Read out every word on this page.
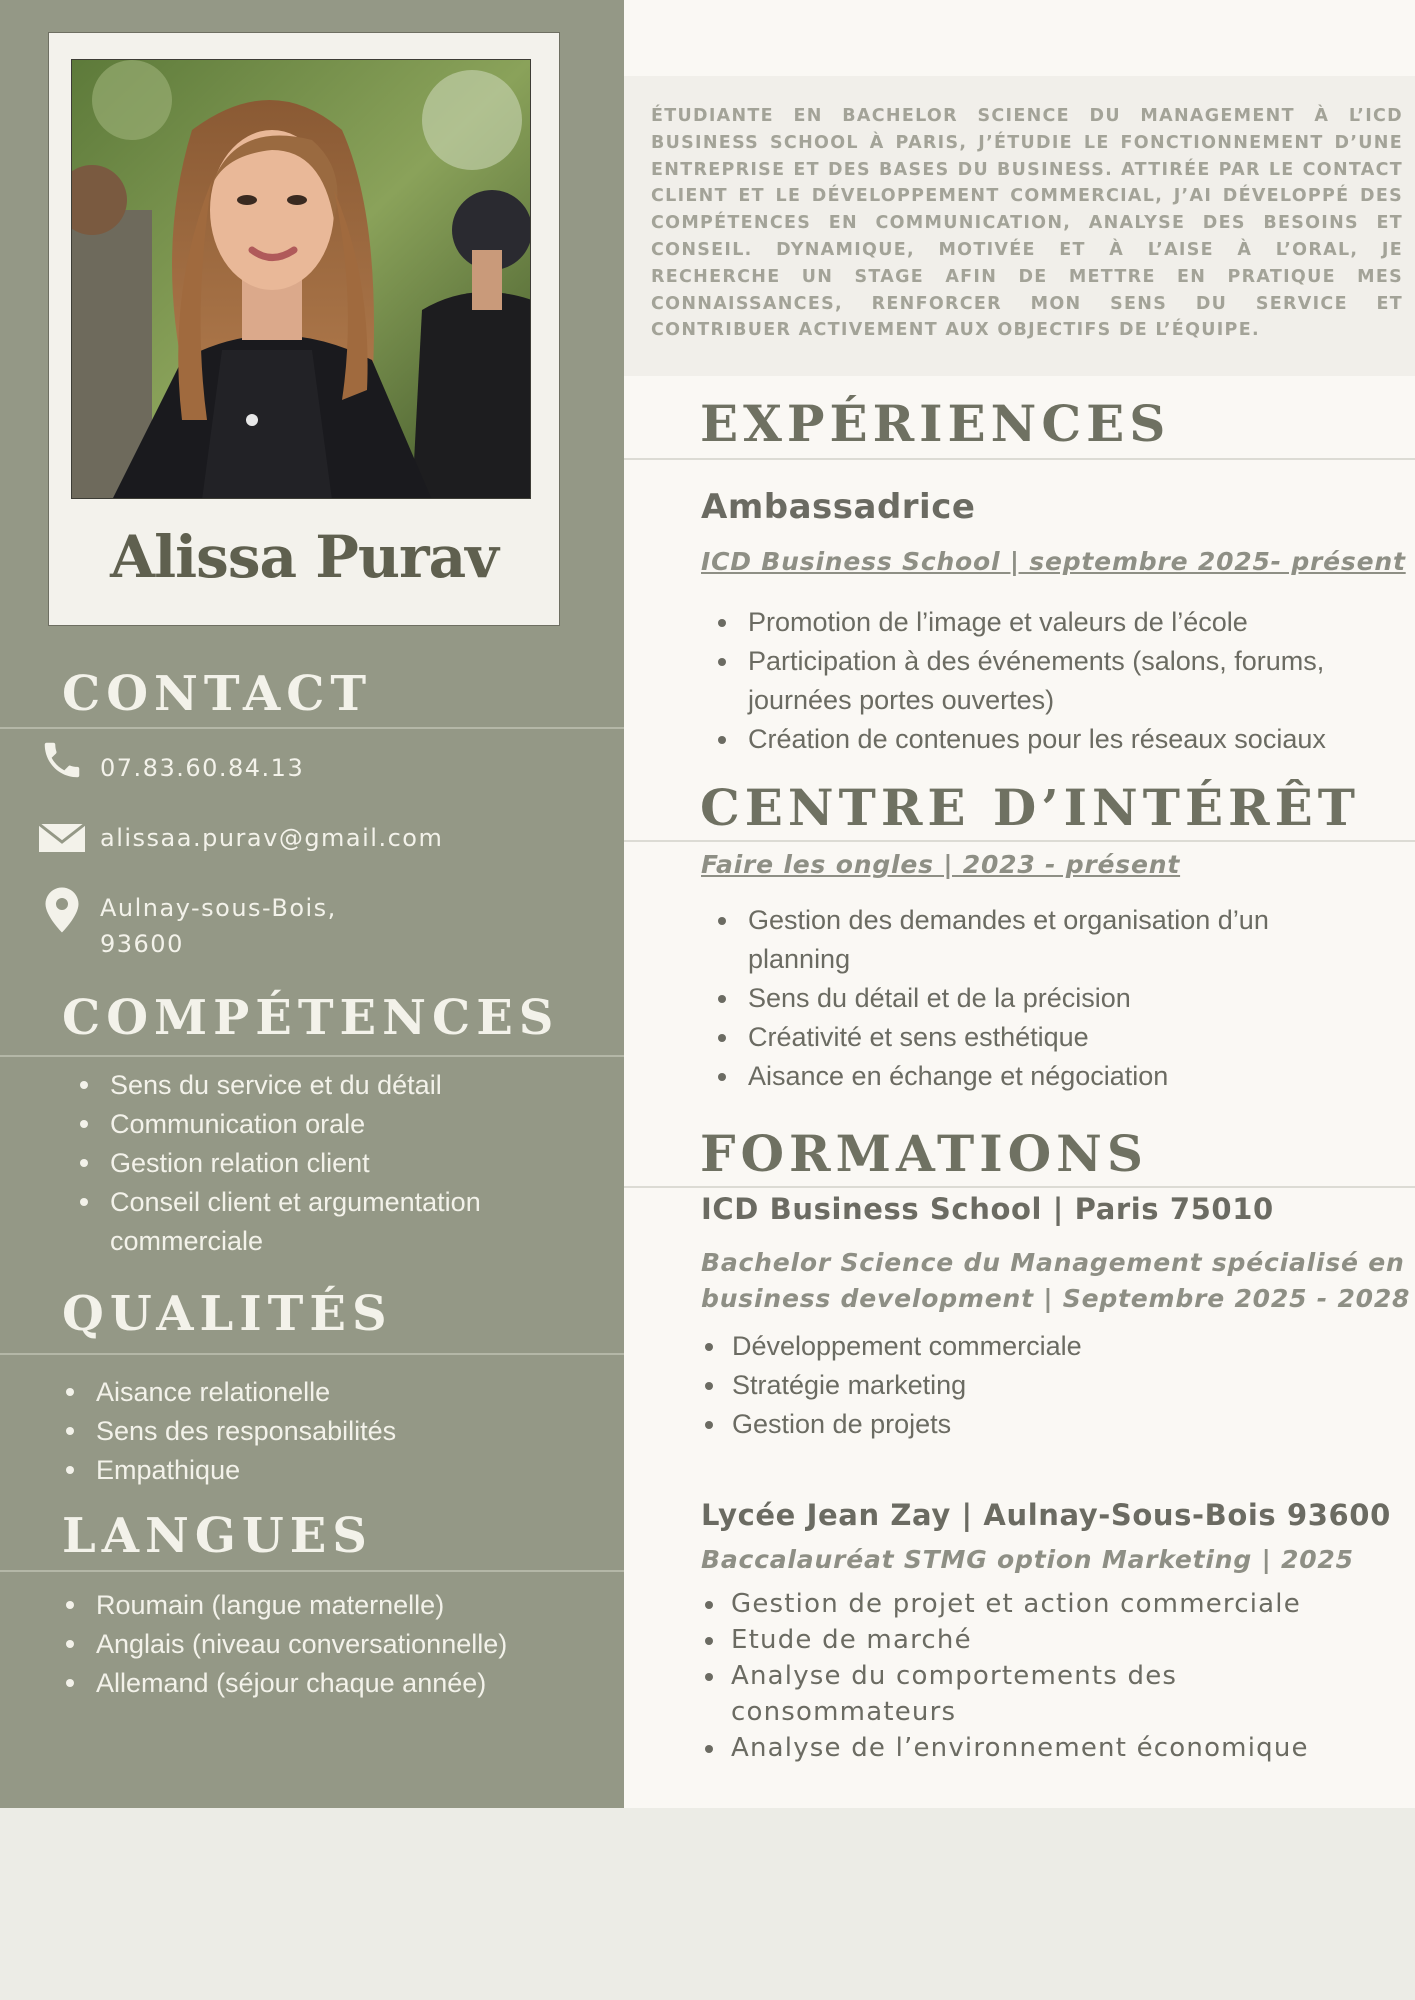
Alissa Purav
CONTACT
07.83.60.84.13
alissaa.purav@gmail.com
Aulnay-sous-Bois,
93600
COMPÉTENCES
Sens du service et du détail
Communication orale
Gestion relation client
Conseil client et argumentation
commerciale
QUALITÉS
Aisance relationelle
Sens des responsabilités
Empathique
LANGUES
Roumain (langue maternelle)
Anglais (niveau conversationnelle)
Allemand (séjour chaque année)

ÉTUDIANTE EN BACHELOR SCIENCE DU MANAGEMENT À L’ICD BUSINESS SCHOOL À PARIS, J’ÉTUDIE LE FONCTIONNEMENT D’UNE ENTREPRISE ET DES BASES DU BUSINESS. ATTIRÉE PAR LE CONTACT CLIENT ET LE DÉVELOPPEMENT COMMERCIAL, J’AI DÉVELOPPÉ DES COMPÉTENCES EN COMMUNICATION, ANALYSE DES BESOINS ET CONSEIL. DYNAMIQUE, MOTIVÉE ET À L’AISE À L’ORAL, JE RECHERCHE UN STAGE AFIN DE METTRE EN PRATIQUE MES CONNAISSANCES, RENFORCER MON SENS DU SERVICE ET CONTRIBUER ACTIVEMENT AUX OBJECTIFS DE L’ÉQUIPE.

EXPÉRIENCES
Ambassadrice
ICD Business School | septembre 2025- présent
Promotion de l’image et valeurs de l’école
Participation à des événements (salons, forums,
journées portes ouvertes)
Création de contenues pour les réseaux sociaux
CENTRE D’INTÉRÊT
Faire les ongles | 2023 - présent
Gestion des demandes et organisation d’un
planning
Sens du détail et de la précision
Créativité et sens esthétique
Aisance en échange et négociation
FORMATIONS
ICD Business School | Paris 75010
Bachelor Science du Management spécialisé en
business development | Septembre 2025 - 2028
Développement commerciale
Stratégie marketing
Gestion de projets
Lycée Jean Zay | Aulnay-Sous-Bois 93600
Baccalauréat STMG option Marketing | 2025
Gestion de projet et action commerciale
Etude de marché
Analyse du comportements des
consommateurs
Analyse de l’environnement économique
